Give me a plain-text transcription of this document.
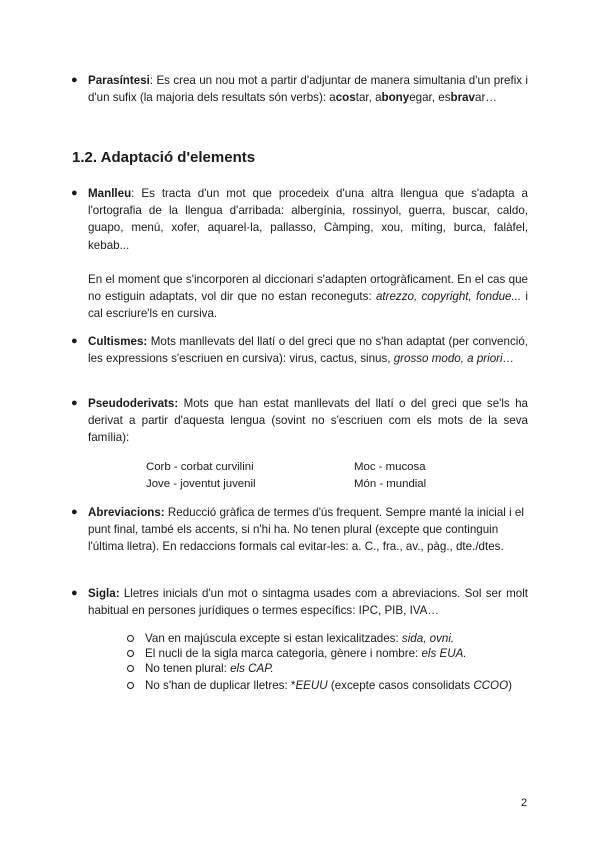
● Parasíntesi: Es crea un nou mot a partir d'adjuntar de manera simultania d'un prefix i d'un sufix (la majoria dels resultats són verbs): acostar, abonyegar, esbravar…

1.2. Adaptació d'elements
● Manlleu: Es tracta d'un mot que procedeix d'una altra llengua que s'adapta a l'ortografia de la llengua d'arribada: albergínia, rossinyol, guerra, buscar, caldo, guapo, menú, xofer, aquarel·la, pallasso, Càmping, xou, míting, burca, falàfel, kebab...

En el moment que s'incorporen al diccionari s'adapten ortogràficament. En el cas que no estiguin adaptats, vol dir que no estan reconeguts: atrezzo, copyright, fondue... i cal escriure'ls en cursiva.

● Cultismes: Mots manllevats del llatí o del greci que no s'han adaptat (per convenció, les expressions s'escriuen en cursiva): virus, cactus, sinus, grosso modo, a priori…

● Pseudoderivats: Mots que han estat manllevats del llatí o del greci que se'ls ha derivat a partir d'aquesta lengua (sovint no s'escriuen com els mots de la seva família):

Corb - corbat curvilini	Moc - mucosa
Jove - joventut juvenil	Món - mundial
● Abreviacions: Reducció gràfica de termes d'ús frequent. Sempre manté la inicial i el punt final, també els accents, si n'hi ha. No tenen plural (excepte que continguin l'última lletra). En redaccions formals cal evitar-les: a. C., fra., av., pàg., dte./dtes.

● Sigla: Lletres inicials d'un mot o sintagma usades com a abreviacions. Sol ser molt habitual en persones jurídiques o termes específics: IPC, PIB, IVA…

Van en majúscula excepte si estan lexicalitzades: sida, ovni.

El nucli de la sigla marca categoria, gènere i nombre: els EUA.

No tenen plural: els CAP.

No s'han de duplicar lletres: *EEUU (excepte casos consolidats CCOO)

2
